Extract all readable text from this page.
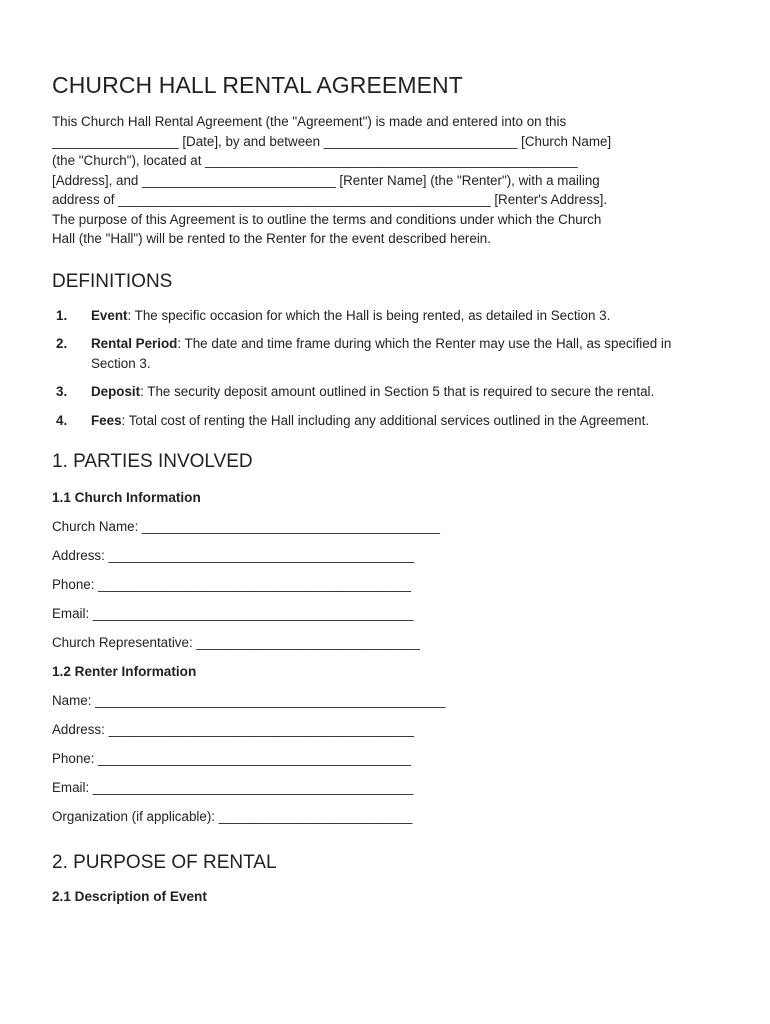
CHURCH HALL RENTAL AGREEMENT
This Church Hall Rental Agreement (the "Agreement") is made and entered into on this
_________________ [Date], by and between __________________________ [Church Name]
(the "Church"), located at __________________________________________________
[Address], and __________________________ [Renter Name] (the "Renter"), with a mailing
address of __________________________________________________ [Renter's Address].
The purpose of this Agreement is to outline the terms and conditions under which the Church
Hall (the "Hall") will be rented to the Renter for the event described herein.
DEFINITIONS
1. Event: The specific occasion for which the Hall is being rented, as detailed in Section 3.
2. Rental Period: The date and time frame during which the Renter may use the Hall, as specified in Section 3.
3. Deposit: The security deposit amount outlined in Section 5 that is required to secure the rental.
4. Fees: Total cost of renting the Hall including any additional services outlined in the Agreement.
1. PARTIES INVOLVED
1.1 Church Information
Church Name: ________________________________________
Address: _________________________________________
Phone: __________________________________________
Email: ___________________________________________
Church Representative: ______________________________
1.2 Renter Information
Name: _______________________________________________
Address: _________________________________________
Phone: __________________________________________
Email: ___________________________________________
Organization (if applicable): __________________________
2. PURPOSE OF RENTAL
2.1 Description of Event
